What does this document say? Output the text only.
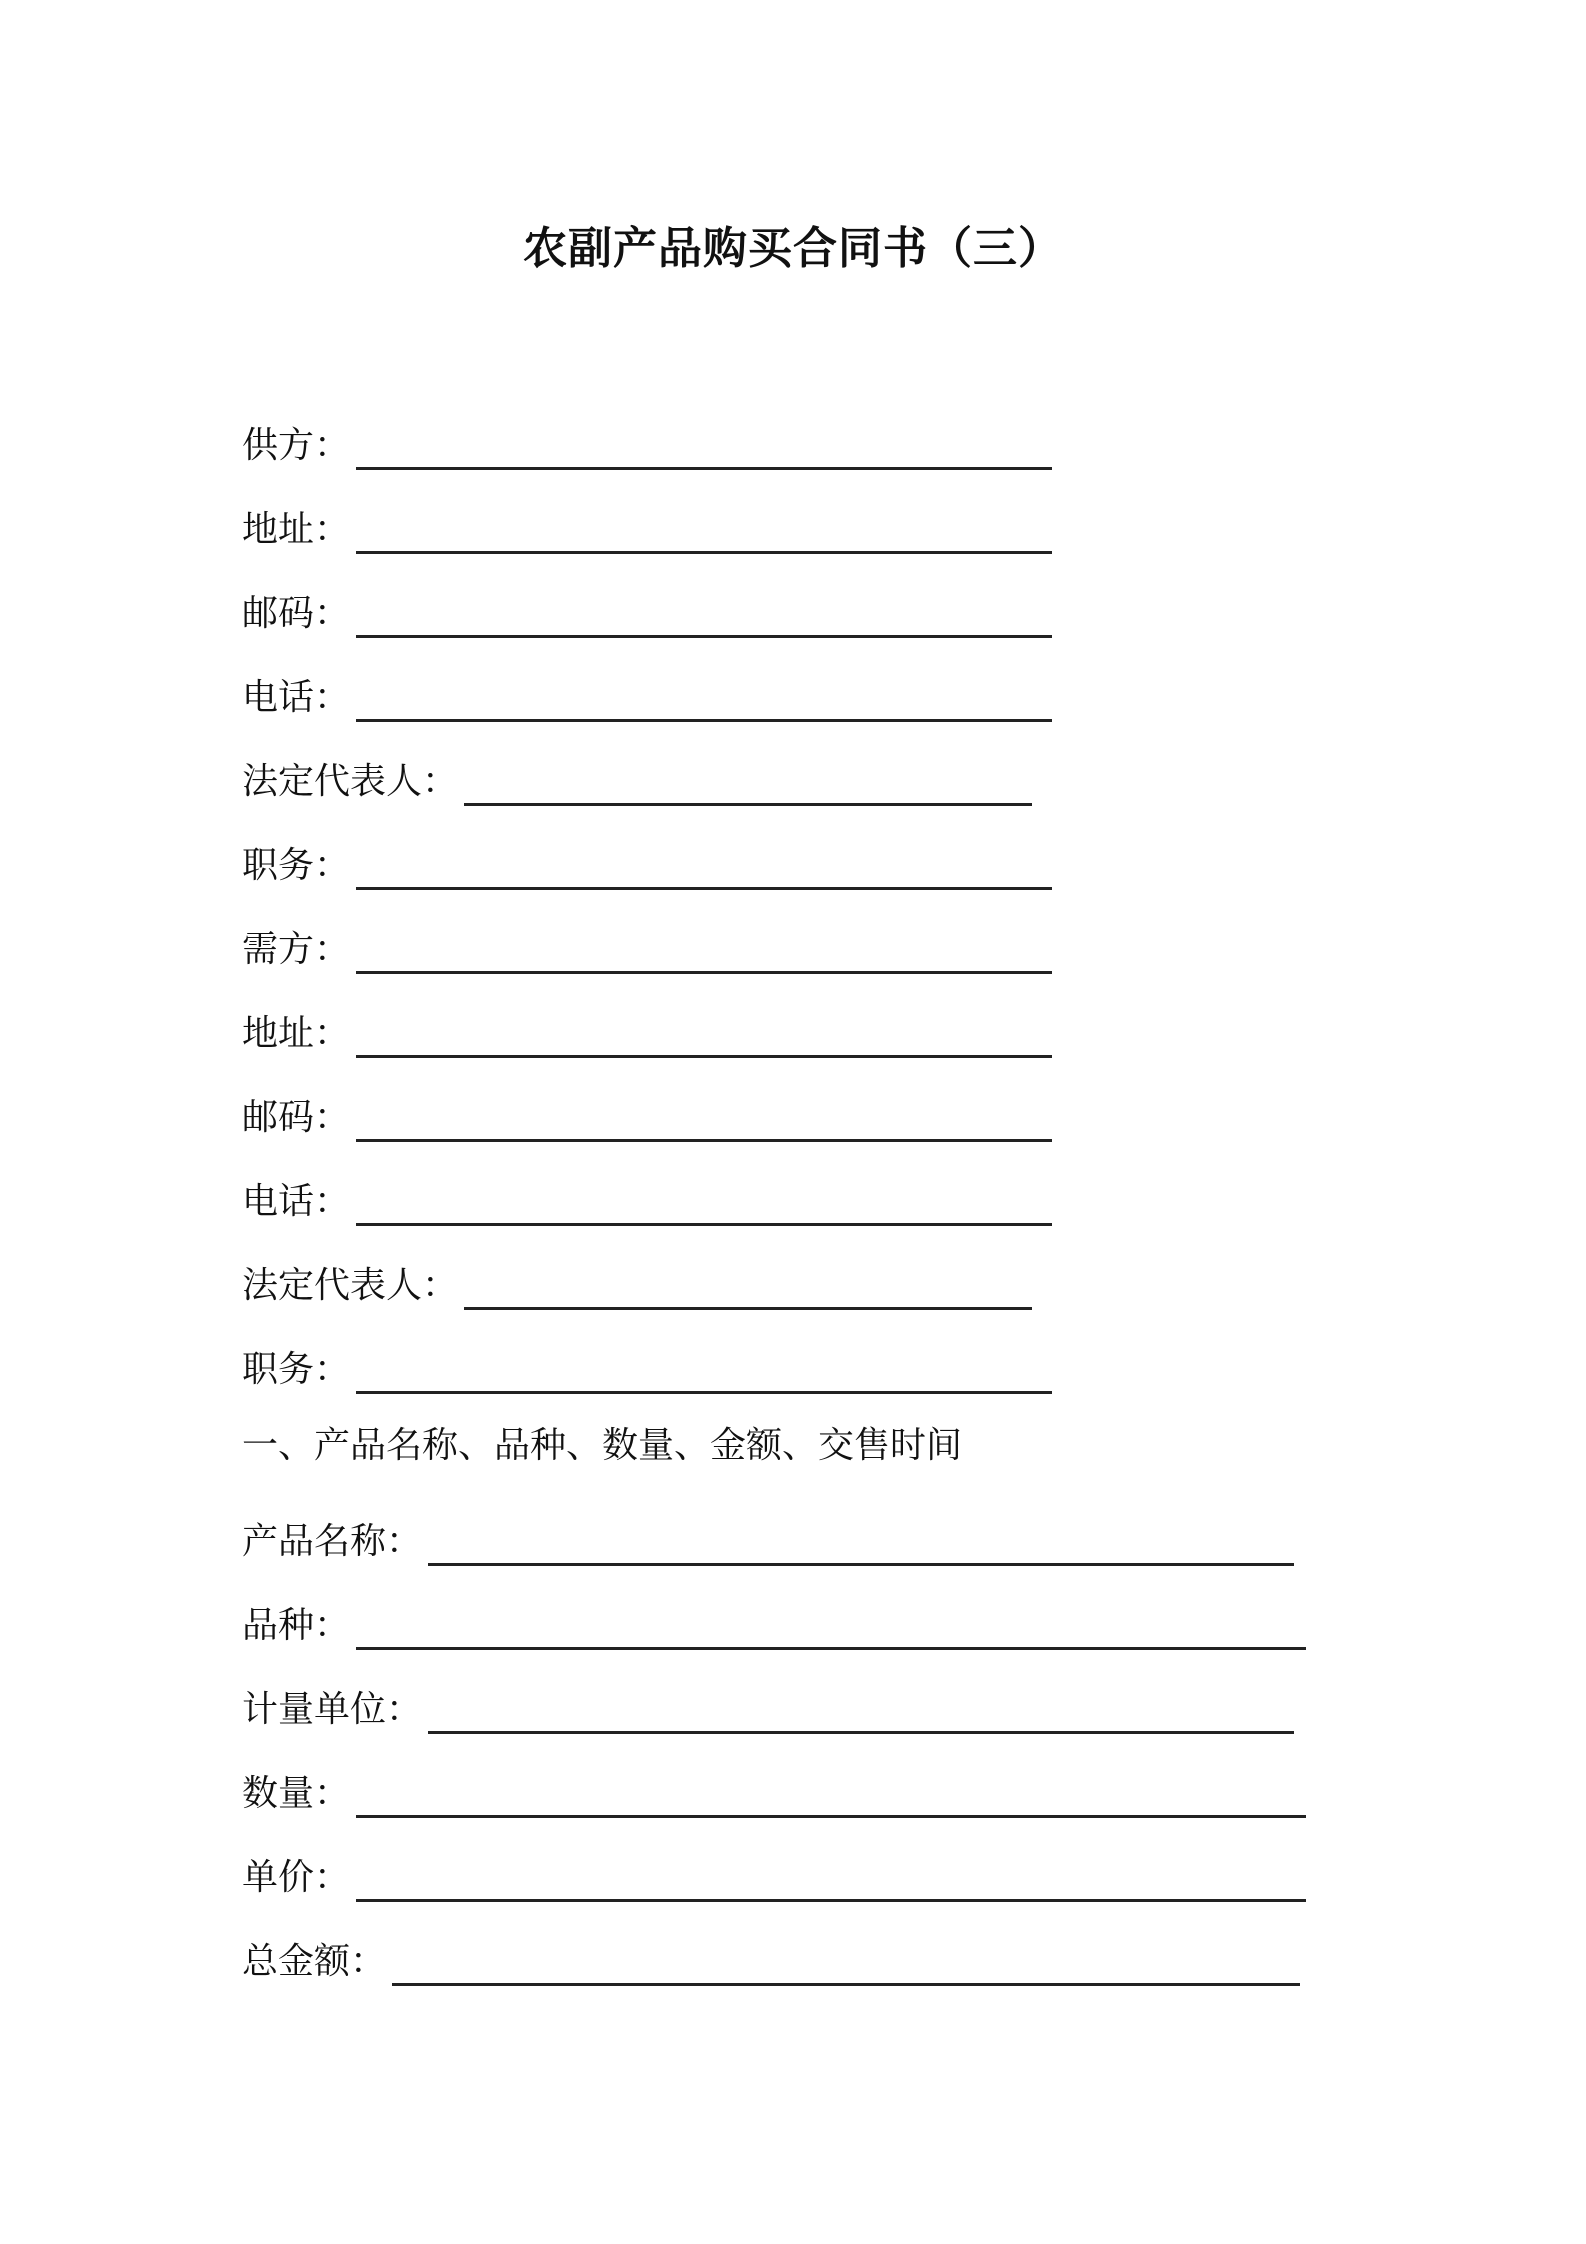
农副产品购买合同书（三）
供方：
地址：
邮码：
电话：
法定代表人：
职务：
需方：
地址：
邮码：
电话：
法定代表人：
职务：
一、产品名称、品种、数量、金额、交售时间
产品名称：
品种：
计量单位：
数量：
单价：
总金额：
